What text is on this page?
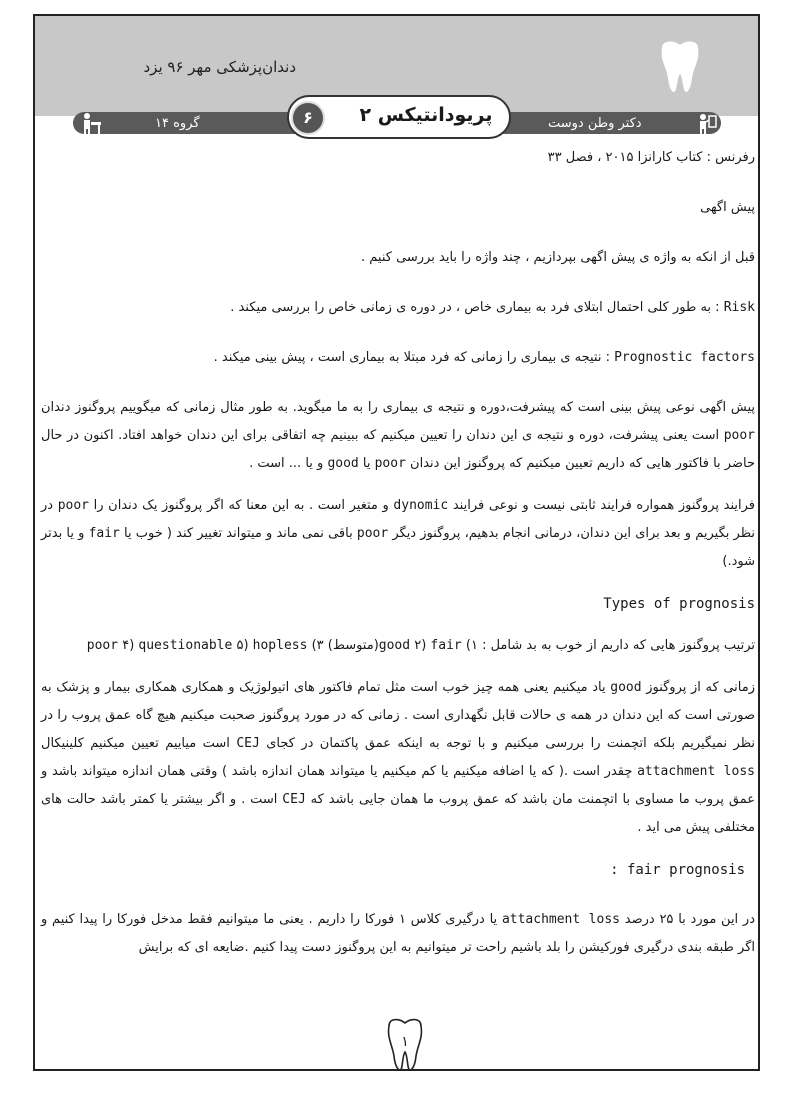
دندان‌پزشکی مهر ۹۶ یزد
گروه ۱۴	دکتر وطن دوست
پریودانتیکس ۲
۶

رفرنس : کتاب کارانزا ۲۰۱۵ ، فصل ۳۳

پیش اگهی

قبل از انکه به واژه ی پیش اگهی بپردازیم ، چند واژه را باید بررسی کنیم .

Risk : به طور کلی احتمال ابتلای فرد به بیماری خاص ، در دوره ی زمانی خاص را بررسی میکند .

Prognostic factors : نتیجه ی بیماری را زمانی که فرد مبتلا به بیماری است ، پیش بینی میکند .

پیش اگهی نوعی پیش بینی است که پیشرفت،دوره و نتیجه ی بیماری را به ما میگوید. به طور مثال زمانی که میگوییم پروگنوز دندان poor است یعنی پیشرفت، دوره و نتیجه ی این دندان را تعیین میکنیم که ببینیم چه اتفاقی برای این دندان خواهد افتاد. اکنون در حال حاضر با فاکتور هایی که داریم تعیین میکنیم که پروگنوز این دندان poor یا good و یا ... است .

فرایند پروگنوز همواره فرایند ثابتی نیست و نوعی فرایند dynomic و متغیر است . به این معنا که اگر پروگنوز یک دندان را poor در نظر بگیریم و بعد برای این دندان، درمانی انجام بدهیم، پروگنوز دیگر poor باقی نمی ماند و میتواند تغییر کند ( خوب یا fair و یا بدتر شود.)

Types of prognosis

ترتیب پروگنوز هایی که داریم از خوب به بد شامل : ۱) good ۲) fair(متوسط) ۳) poor ۴) questionable ۵) hopless

زمانی که از پروگنوز good یاد میکنیم یعنی همه چیز خوب است مثل تمام فاکتور های اتیولوژیک و همکاری همکاری بیمار و پزشک به صورتی است که این دندان در همه ی حالات قابل نگهداری است . زمانی که در مورد پروگنوز صحبت میکنیم هیچ گاه عمق پروب را در نظر نمیگیریم بلکه اتچمنت را بررسی میکنیم و با توجه به اینکه عمق پاکتمان در کجای CEJ است میاییم تعیین میکنیم کلینیکال attachment loss چقدر است .( که یا اضافه میکنیم یا کم میکنیم یا میتواند همان اندازه باشد ) وقتی همان اندازه میتواند باشد و عمق پروب ما مساوی با اتچمنت مان باشد که عمق پروب ما همان جایی باشد که CEJ است . و اگر بیشتر یا کمتر باشد حالت های مختلفی پیش می اید .

: fair prognosis

در این مورد با ۲۵ درصد attachment loss یا درگیری کلاس ۱ فورکا را داریم . یعنی ما میتوانیم فقط مدخل فورکا را پیدا کنیم و اگر طبقه بندی درگیری فورکیشن را بلد باشیم راحت تر میتوانیم به این پروگنوز دست پیدا کنیم .ضایعه ای که برایش

۱
